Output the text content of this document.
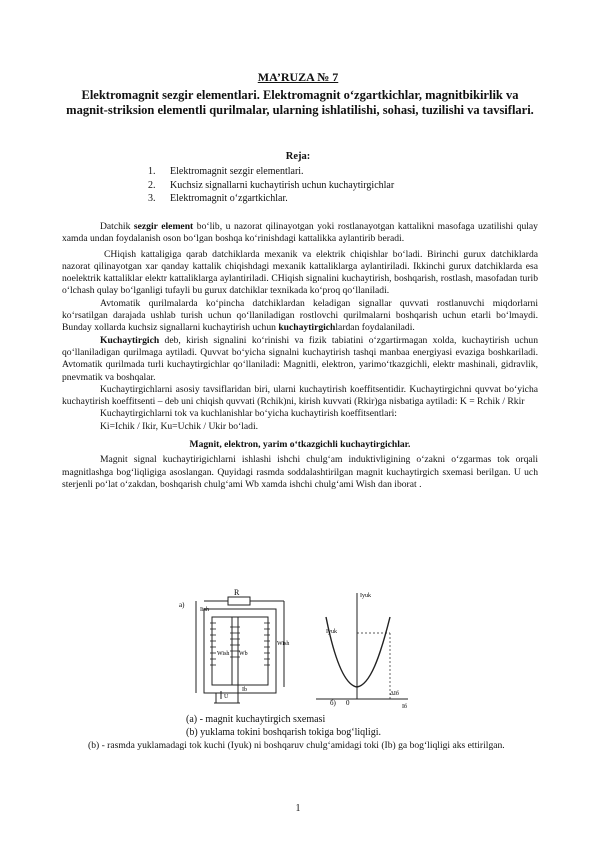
MA’RUZA № 7
Elektromagnit sezgir elementlari. Elektromagnit o‘zgartkichlar, magnitbikirlik va magnit-striksion elementli qurilmalar, ularning ishlatilishi, sohasi, tuzilishi va tavsiflari.
Reja:
1.	Elektromagnit sezgir elementlari.
2.	Kuchsiz signallarni kuchaytirish uchun kuchaytirgichlar
3.	Elektromagnit o‘zgartkichlar.

Datchik sezgir element bo‘lib, u nazorat qilinayotgan yoki rostlanayotgan kattalikni masofaga uzatilishi qulay xamda undan foydalanish oson bo‘lgan boshqa ko‘rinishdagi kattalikka aylantirib beradi.

CHiqish kattaligiga qarab datchiklarda mexanik va elektrik chiqishlar bo‘ladi. Birinchi gurux datchiklarda nazorat qilinayotgan xar qanday kattalik chiqishdagi mexanik kattaliklarga aylantiriladi. Ikkinchi gurux datchiklarda esa noelektrik kattaliklar elektr kattaliklarga aylantiriladi. CHiqish signalini kuchaytirish, boshqarish, rostlash, masofadan turib o‘lchash qulay bo‘lganligi tufayli bu gurux datchiklar texnikada ko‘proq qo‘llaniladi.

Avtomatik qurilmalarda ko‘pincha datchiklardan keladigan signallar quvvati rostlanuvchi miqdorlarni ko‘rsatilgan darajada ushlab turish uchun qo‘llaniladigan rostlovchi qurilmalarni boshqarish uchun etarli bo‘lmaydi. Bunday xollarda kuchsiz signallarni kuchaytirish uchun kuchaytirgichlardan foydalaniladi.

Kuchaytirgich deb, kirish signalini ko‘rinishi va fizik tabiatini o‘zgartirmagan xolda, kuchaytirish uchun qo‘llaniladigan qurilmaga aytiladi. Quvvat bo‘yicha signalni kuchaytirish tashqi manbaa energiyasi evaziga boshkariladi. Avtomatik qurilmada turli kuchaytirgichlar qo‘llaniladi: Magnitli, elektron, yarimo‘tkazgichli, elektr mashinali, gidravlik, pnevmatik va boshqalar.

Kuchaytirgichlarni asosiy tavsiflaridan biri, ularni kuchaytirish koeffitsentidir. Kuchaytirgichni quvvat bo‘yicha kuchaytirish koeffitsenti – deb uni chiqish quvvati (Rchik)ni, kirish kuvvati (Rkir)ga nisbatiga aytiladi: K = Rchik / Rkir

Kuchaytirgichlarni tok va kuchlanishlar bo‘yicha kuchaytirish koeffitsentlari:

Ki=Ichik / Ikir, Ku=Uchik / Ukir bo‘ladi.

Magnit, elektron, yarim o‘tkazgichli kuchaytirgichlar.

Magnit signal kuchaytirigichlarni ishlashi ishchi chulg‘am induktivligining o‘zakni o‘zgarmas tok orqali magnitlashga bog‘liqligiga asoslangan. Quyidagi rasmda soddalashtirilgan magnit kuchaytirgich sxemasi berilgan. U uch sterjenli po‘lat o‘zakdan, boshqarish chulg‘ami Wb xamda ishchi chulg‘ami Wish dan iborat .

a)
R
Iish
Wish Wb
Wish
Ib
U
Iyuk
Iyuk
б) 0
ΔIб
Iб
(a) - magnit kuchaytirgich sxemasi
(b) yuklama tokini boshqarish tokiga bog‘liqligi.
(b) - rasmda yuklamadagi tok kuchi (Iyuk) ni boshqaruv chulg‘amidagi toki (Ib) ga bog‘liqligi aks ettirilgan.
1
